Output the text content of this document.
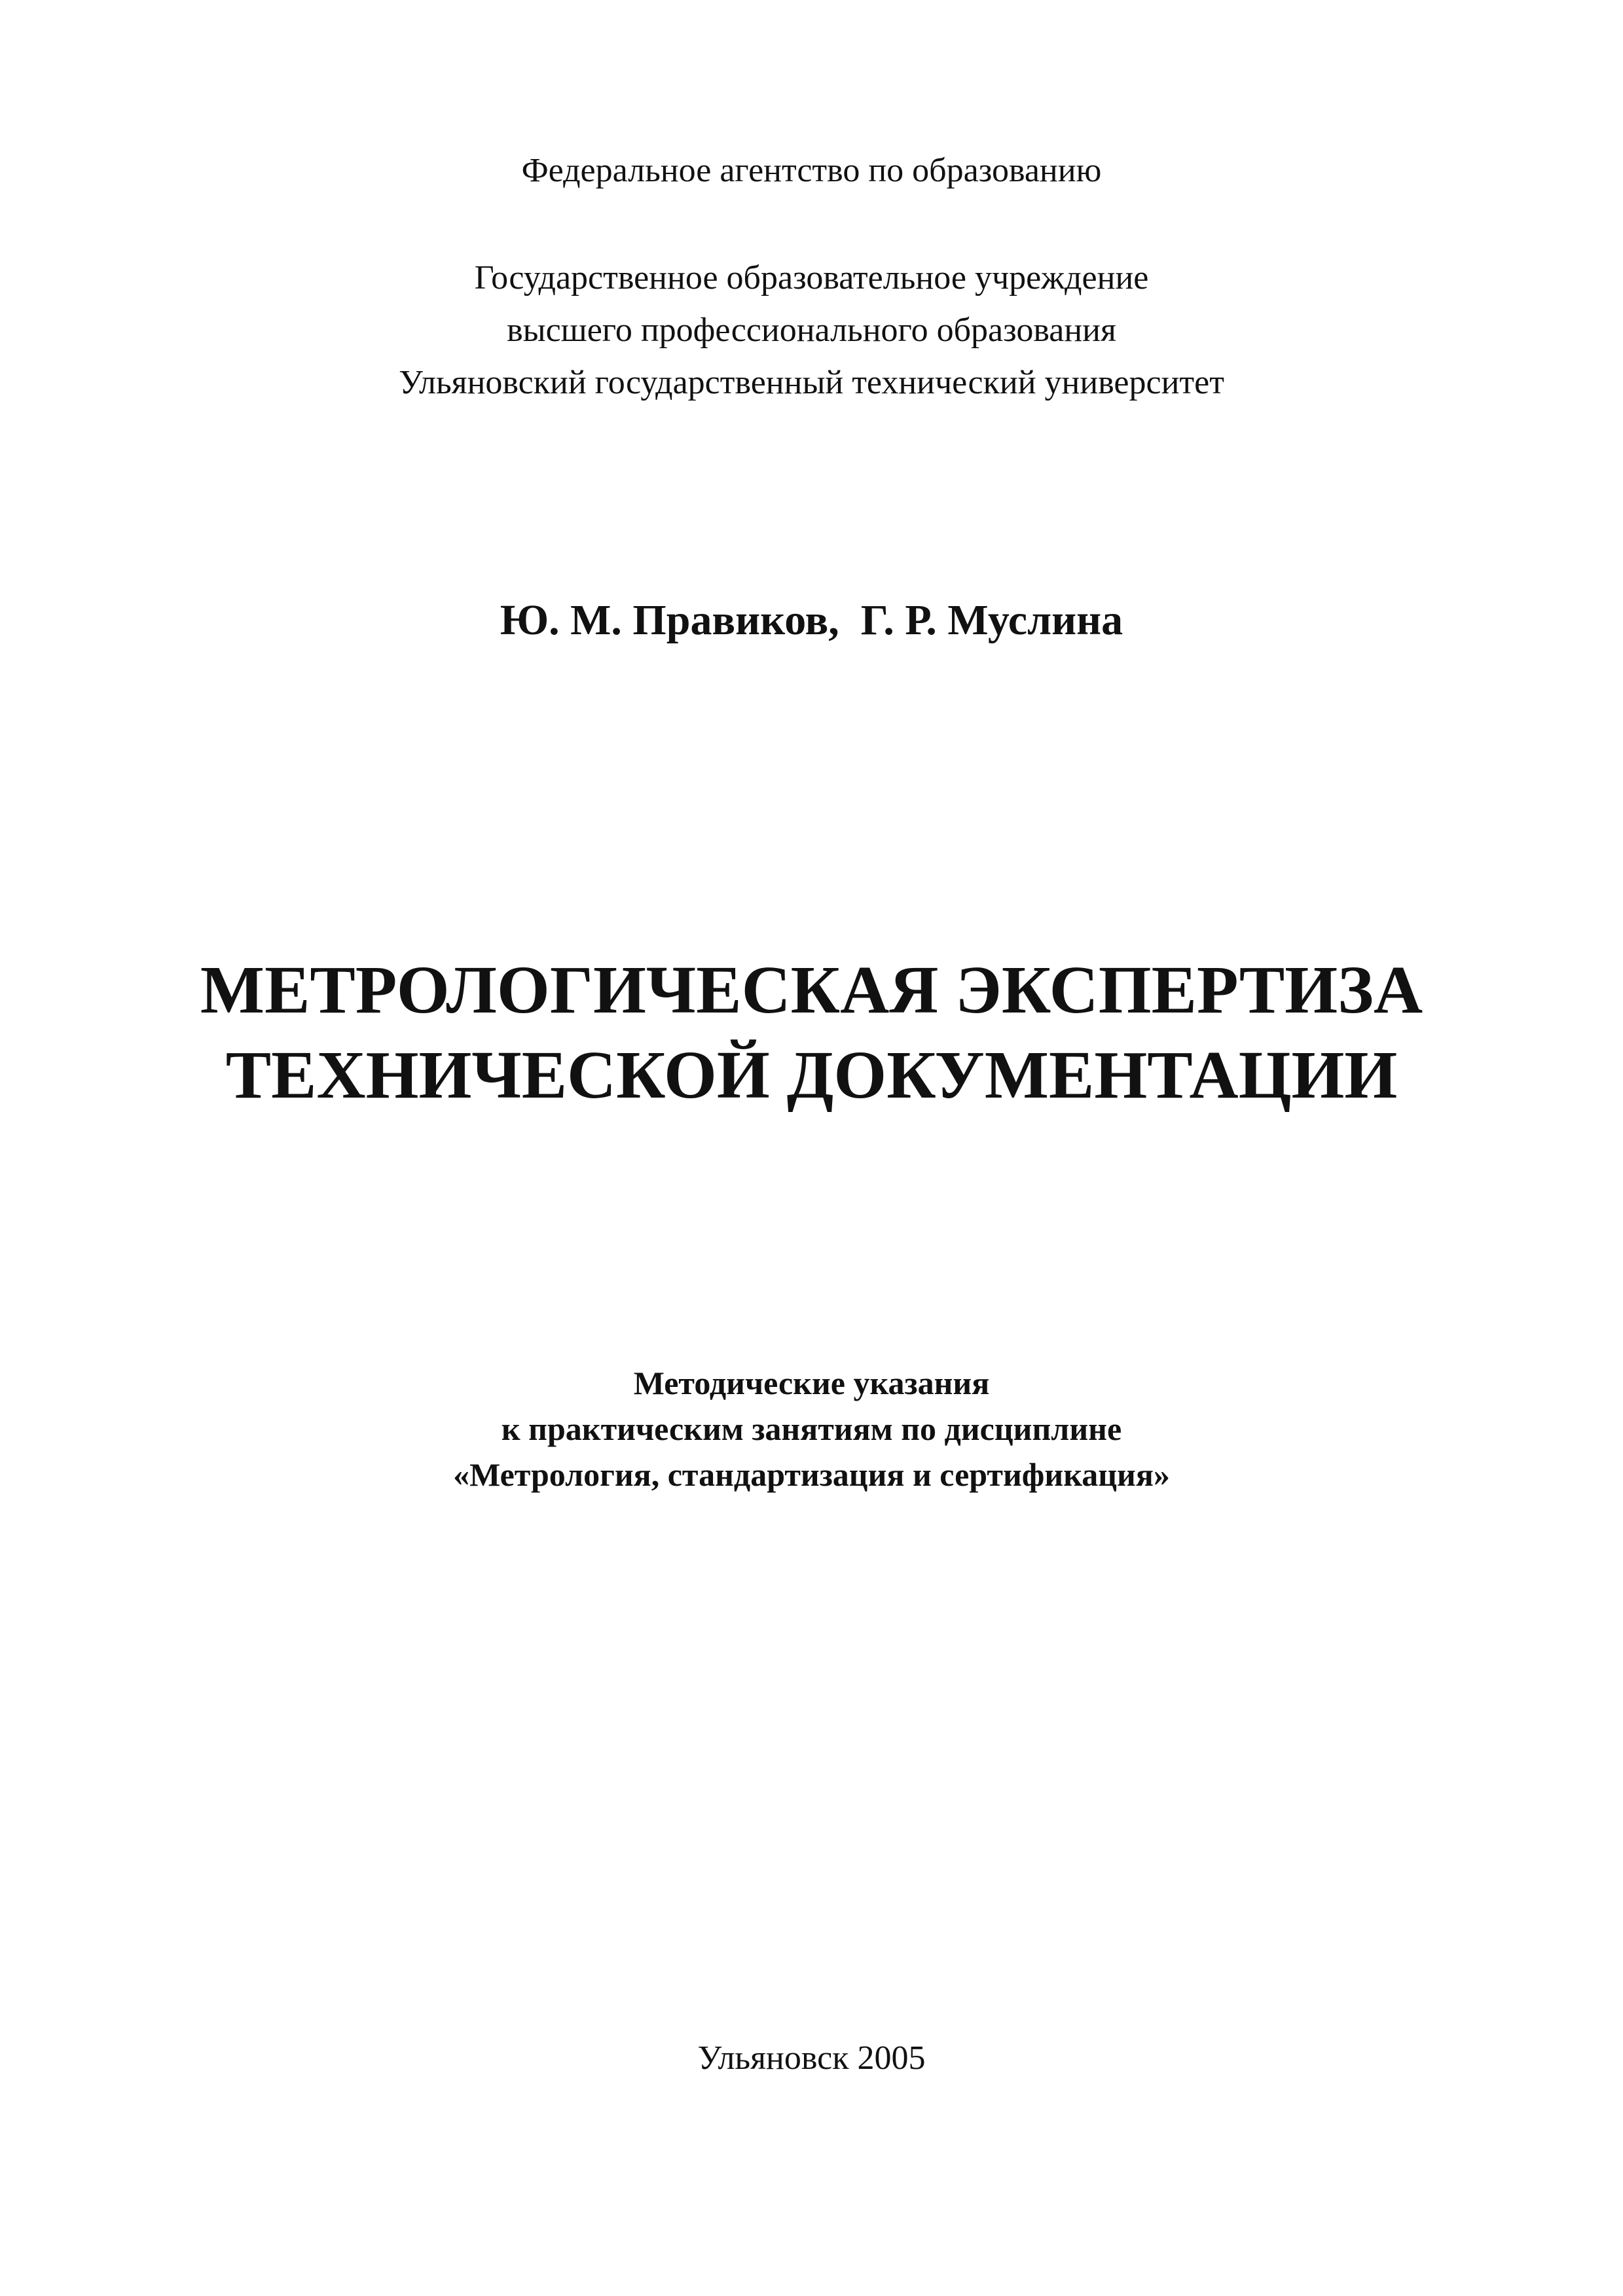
Федеральное агентство по образованию
Государственное образовательное учреждение
высшего профессионального образования
Ульяновский государственный технический университет
Ю. М. Правиков,  Г. Р. Муслина
МЕТРОЛОГИЧЕСКАЯ ЭКСПЕРТИЗА
ТЕХНИЧЕСКОЙ ДОКУМЕНТАЦИИ
Методические указания
к практическим занятиям по дисциплине
«Метрология, стандартизация и сертификация»
Ульяновск 2005
